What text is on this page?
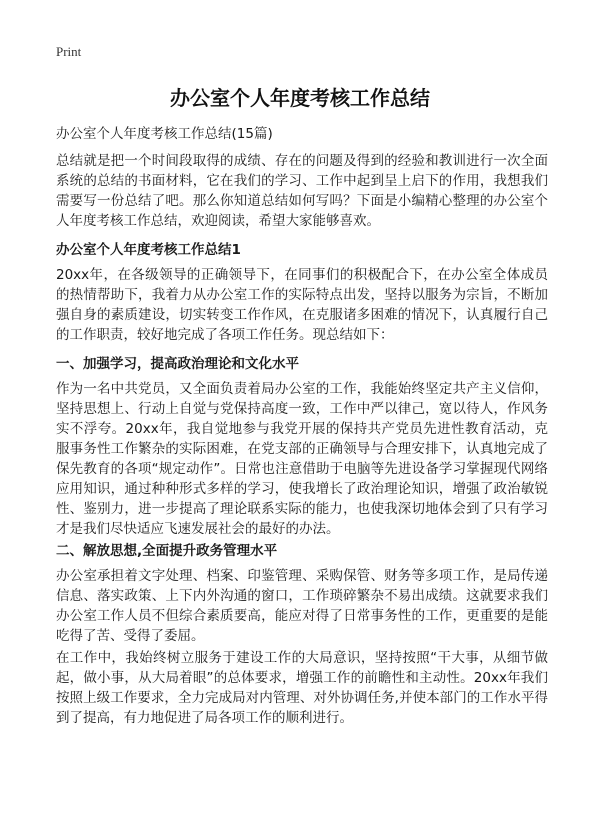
Print
办公室个人年度考核工作总结
办公室个人年度考核工作总结(15篇)

总结就是把一个时间段取得的成绩、存在的问题及得到的经验和教训进行一次全面系统的总结的书面材料，它在我们的学习、工作中起到呈上启下的作用，我想我们需要写一份总结了吧。那么你知道总结如何写吗？下面是小编精心整理的办公室个人年度考核工作总结，欢迎阅读，希望大家能够喜欢。

办公室个人年度考核工作总结1

20xx年，在各级领导的正确领导下，在同事们的积极配合下，在办公室全体成员的热情帮助下，我着力从办公室工作的实际特点出发，坚持以服务为宗旨，不断加强自身的素质建设，切实转变工作作风，在克服诸多困难的情况下，认真履行自己的工作职责，较好地完成了各项工作任务。现总结如下：

一、加强学习，提高政治理论和文化水平

作为一名中共党员，又全面负责着局办公室的工作，我能始终坚定共产主义信仰，坚持思想上、行动上自觉与党保持高度一致，工作中严以律己，宽以待人，作风务实不浮夸。20xx年，我自觉地参与我党开展的保持共产党员先进性教育活动，克服事务性工作繁杂的实际困难，在党支部的正确领导与合理安排下，认真地完成了保先教育的各项“规定动作”。日常也注意借助于电脑等先进设备学习掌握现代网络应用知识，通过种种形式多样的学习，使我增长了政治理论知识，增强了政治敏锐性、鉴别力，进一步提高了理论联系实际的能力，也使我深切地体会到了只有学习才是我们尽快适应飞速发展社会的最好的办法。

二、解放思想,全面提升政务管理水平

办公室承担着文字处理、档案、印鉴管理、采购保管、财务等多项工作，是局传递信息、落实政策、上下内外沟通的窗口，工作琐碎繁杂不易出成绩。这就要求我们办公室工作人员不但综合素质要高，能应对得了日常事务性的工作，更重要的是能吃得了苦、受得了委屈。

在工作中，我始终树立服务于建设工作的大局意识，坚持按照“干大事，从细节做起，做小事，从大局着眼”的总体要求，增强工作的前瞻性和主动性。20xx年我们按照上级工作要求，全力完成局对内管理、对外协调任务,并使本部门的工作水平得到了提高，有力地促进了局各项工作的顺利进行。
